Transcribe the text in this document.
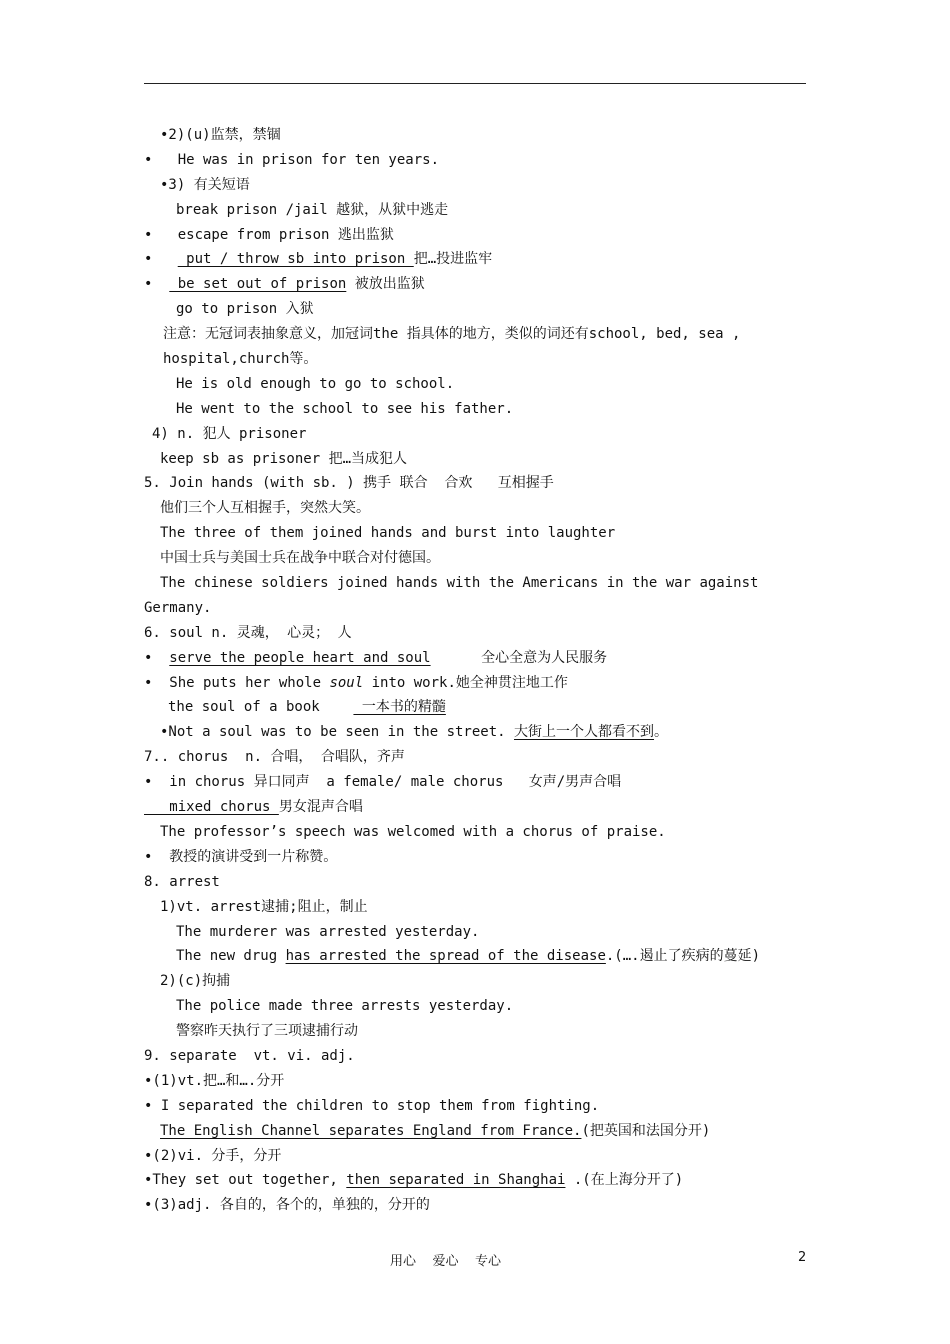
•2)(u)监禁，禁锢
•   He was in prison for ten years.
•3) 有关短语
break prison /jail 越狱，从狱中逃走
•   escape from prison 逃出监狱
•    put / throw sb into prison 把…投进监牢
•   be set out of prison 被放出监狱
go to prison 入狱
注意：无冠词表抽象意义，加冠词the 指具体的地方，类似的词还有school, bed, sea ,
hospital,church等。
He is old enough to go to school.
He went to the school to see his father.
4) n. 犯人 prisoner
keep sb as prisoner 把…当成犯人
5. Join hands (with sb. ) 携手 联合  合欢   互相握手
他们三个人互相握手，突然大笑。
The three of them joined hands and burst into laughter
中国士兵与美国士兵在战争中联合对付德国。
The chinese soldiers joined hands with the Americans in the war against
Germany.
6. soul n. 灵魂， 心灵； 人
•  serve the people heart and soul      全心全意为人民服务
•  She puts her whole soul into work.她全神贯注地工作
the soul of a book     一本书的精髓
•Not a soul was to be seen in the street. 大街上一个人都看不到。
7.. chorus  n. 合唱， 合唱队，齐声
•  in chorus 异口同声  a female/ male chorus   女声/男声合唱
mixed chorus 男女混声合唱
The professor’s speech was welcomed with a chorus of praise.
•  教授的演讲受到一片称赞。
8. arrest
1)vt. arrest逮捕;阻止，制止
The murderer was arrested yesterday.
The new drug has arrested the spread of the disease.(….遏止了疾病的蔓延)
2)(c)拘捕
The police made three arrests yesterday.
警察昨天执行了三项逮捕行动
9. separate  vt. vi. adj.
•(1)vt.把…和….分开
• I separated the children to stop them from fighting.
The English Channel separates England from France.(把英国和法国分开)
•(2)vi. 分手，分开
•They set out together, then separated in Shanghai .(在上海分开了)
•(3)adj. 各自的，各个的，单独的，分开的
用心    爱心    专心	2
